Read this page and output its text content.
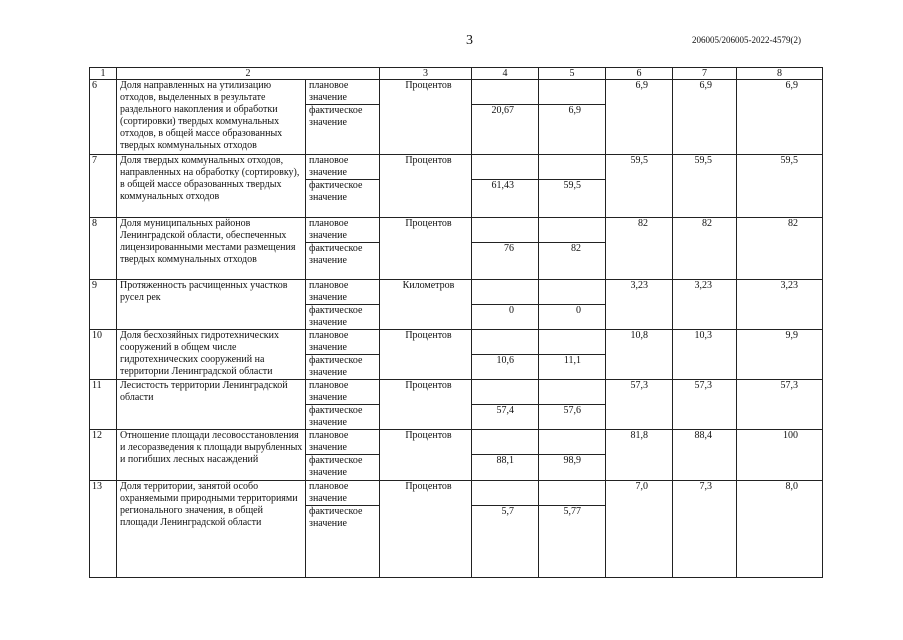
3	206005/206005-2022-4579(2)
1	2		3	4	5	6	7	8	
6	Доля направленных на утилизацию отходов, выделенных в результате раздельного накопления и обработки (сортировки) твердых коммунальных отходов, в общей массе образованных твердых коммунальных отходов	плановое значение	Процентов			6,9	6,9	6,9	
		фактическое значение		20,67	6,9				
7	Доля твердых коммунальных отходов, направленных на обработку (сортировку), в общей массе образованных твердых коммунальных отходов	плановое значение	Процентов			59,5	59,5	59,5	
		фактическое значение		61,43	59,5				
8	Доля муниципальных районов Ленинградской области, обеспеченных лицензированными местами размещения твердых коммунальных отходов	плановое значение	Процентов			82	82	82	
		фактическое значение		76	82				
9	Протяженность расчищенных участков русел рек	плановое значение	Километров			3,23	3,23	3,23	
		фактическое значение		0	0				
10	Доля бесхозяйных гидротехнических сооружений в общем числе гидротехнических сооружений на территории Ленинградской области	плановое значение	Процентов			10,8	10,3	9,9	
		фактическое значение		10,6	11,1				
11	Лесистость территории Ленинградской области	плановое значение	Процентов			57,3	57,3	57,3	
		фактическое значение		57,4	57,6				
12	Отношение площади лесовосстановления и лесоразведения к площади вырубленных и погибших лесных насаждений	плановое значение	Процентов			81,8	88,4	100	
		фактическое значение		88,1	98,9				
13	Доля территории, занятой особо охраняемыми природными территориями регионального значения, в общей площади Ленинградской области	плановое значение	Процентов			7,0	7,3	8,0	
		фактическое значение		5,7	5,77				
